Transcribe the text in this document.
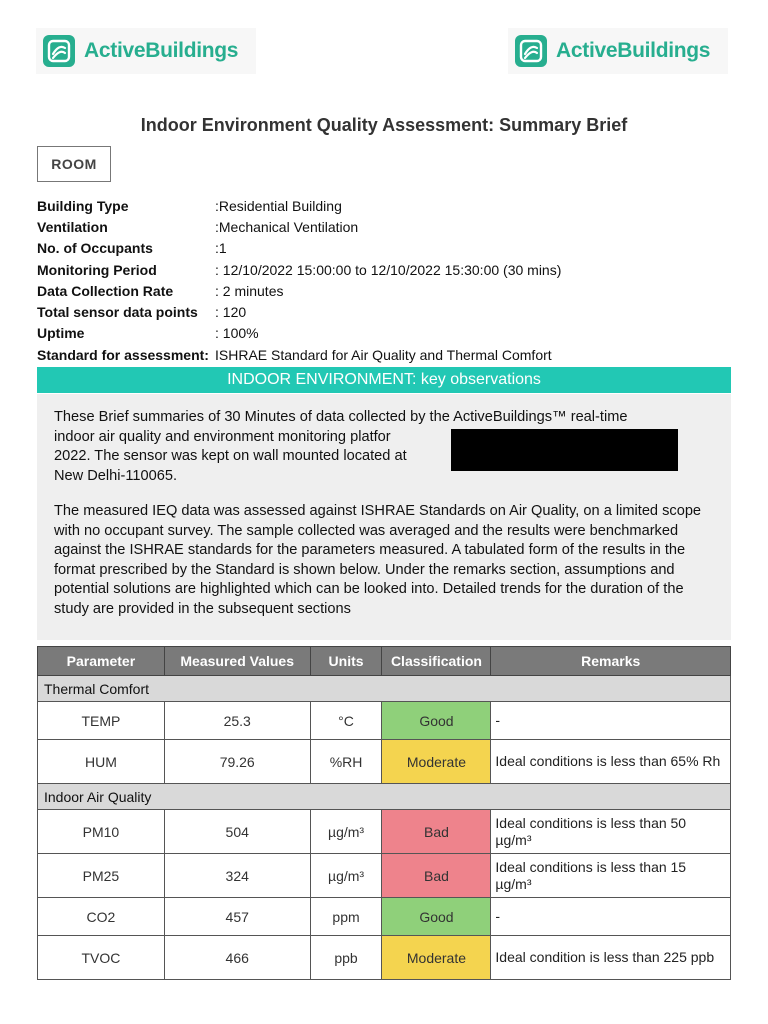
ActiveBuildings	ActiveBuildings
Indoor Environment Quality Assessment: Summary Brief
ROOM
Building Type	:Residential Building
Ventilation	:Mechanical Ventilation
No. of Occupants	:1
Monitoring Period	: 12/10/2022 15:00:00 to 12/10/2022 15:30:00 (30 mins)
Data Collection Rate	: 2 minutes
Total sensor data points	: 120
Uptime	: 100%
Standard for assessment: ISHRAE Standard for Air Quality and Thermal Comfort
INDOOR ENVIRONMENT: key observations

These Brief summaries of 30 Minutes of data collected by the ActiveBuildings™ real-time
indoor air quality and environment monitoring platfor
2022. The sensor was kept on wall mounted located at
New Delhi-110065.

The measured IEQ data was assessed against ISHRAE Standards on Air Quality, on a limited scope with no occupant survey. The sample collected was averaged and the results were benchmarked against the ISHRAE standards for the parameters measured. A tabulated form of the results in the format prescribed by the Standard is shown below. Under the remarks section, assumptions and potential solutions are highlighted which can be looked into. Detailed trends for the duration of the study are provided in the subsequent sections

Parameter	Measured Values	Units	Classification	Remarks
Thermal Comfort				
TEMP	25.3	°C	Good	-
HUM	79.26	%RH	Moderate	Ideal conditions is less than 65% Rh
Indoor Air Quality				
PM10	504	µg/m³	Bad	Ideal conditions is less than 50 µg/m³
PM25	324	µg/m³	Bad	Ideal conditions is less than 15 µg/m³
CO2	457	ppm	Good	-
TVOC	466	ppb	Moderate	Ideal condition is less than 225 ppb
